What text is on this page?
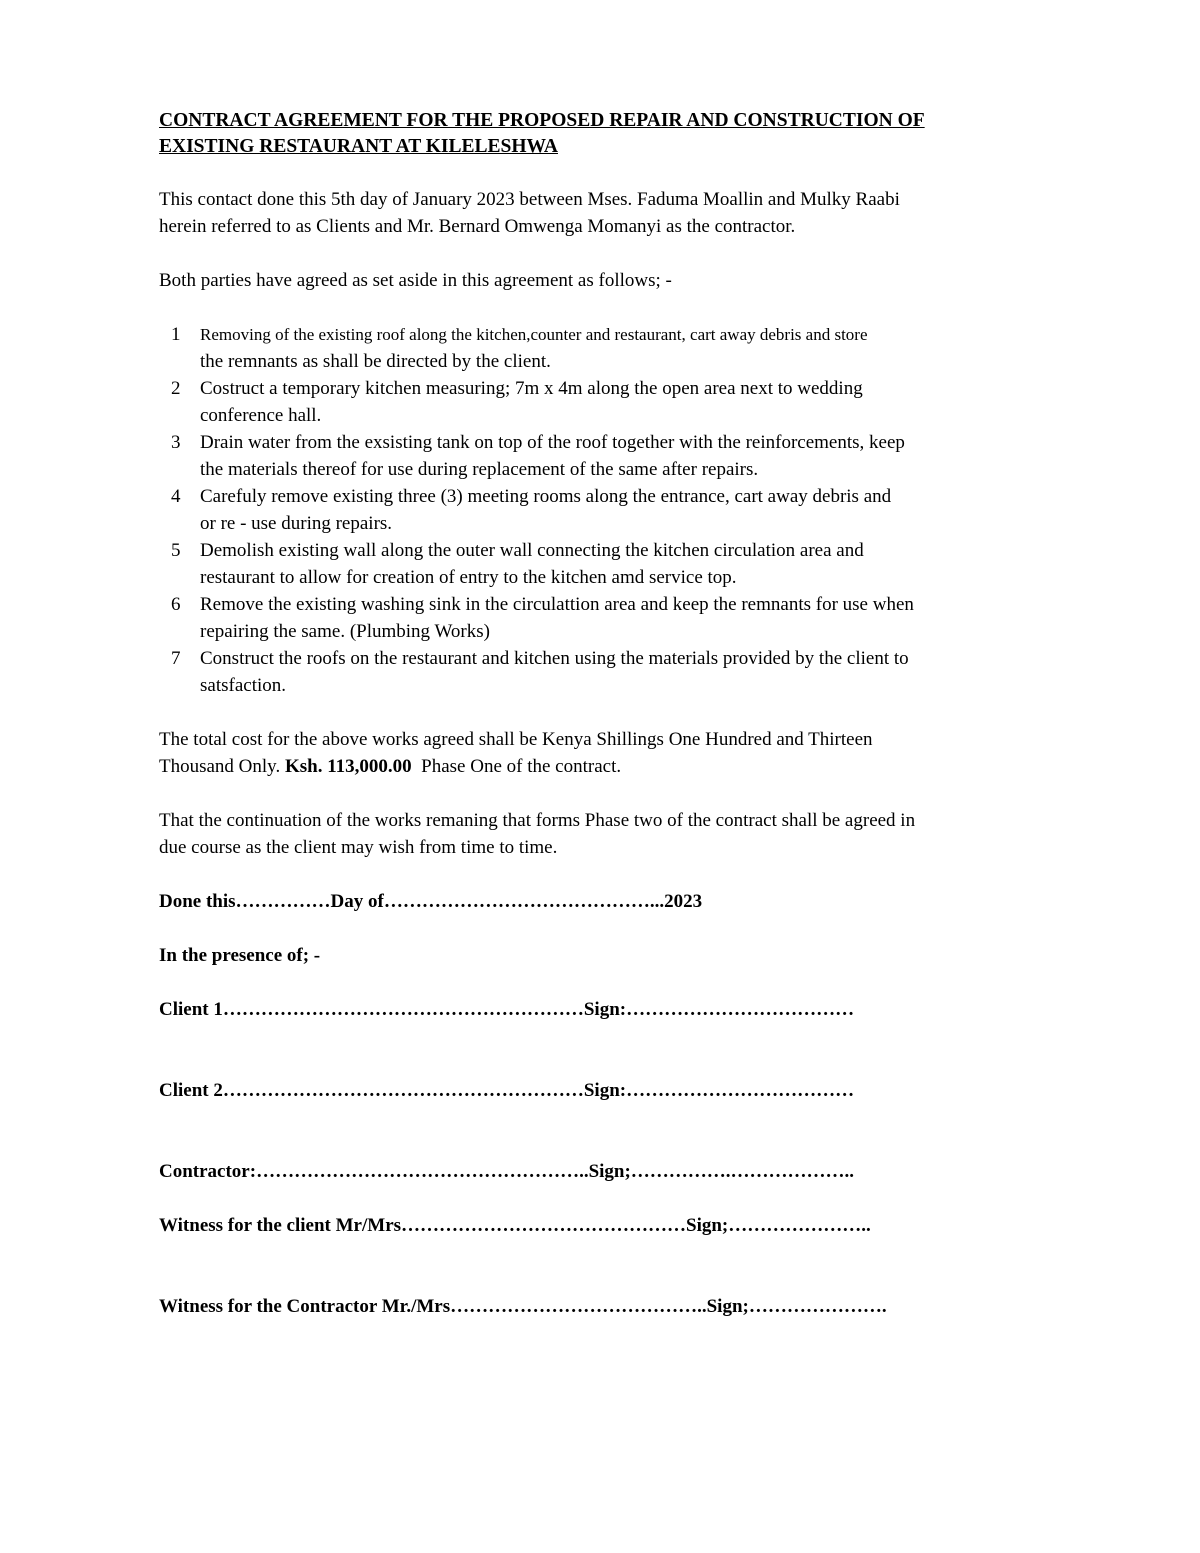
CONTRACT AGREEMENT FOR THE PROPOSED REPAIR AND CONSTRUCTION OF
EXISTING RESTAURANT AT KILELESHWA

This contact done this 5th day of January 2023 between Mses. Faduma Moallin and Mulky Raabi

herein referred to as Clients and Mr. Bernard Omwenga Momanyi as the contractor.

Both parties have agreed as set aside in this agreement as follows; -

1 Removing of the existing roof along the kitchen,counter and restaurant, cart away debris and store
the remnants as shall be directed by the client.
2 Costruct a temporary kitchen measuring; 7m x 4m along the open area next to wedding
conference hall.
3 Drain water from the exsisting tank on top of the roof together with the reinforcements, keep
the materials thereof for use during replacement of the same after repairs.
4 Carefuly remove existing three (3) meeting rooms along the entrance, cart away debris and
or re - use during repairs.
5 Demolish existing wall along the outer wall connecting the kitchen circulation area and
restaurant to allow for creation of entry to the kitchen amd service top.
6 Remove the existing washing sink in the circulattion area and keep the remnants for use when
repairing the same. (Plumbing Works)
7 Construct the roofs on the restaurant and kitchen using the materials provided by the client to
satsfaction.

The total cost for the above works agreed shall be Kenya Shillings One Hundred and Thirteen

Thousand Only. Ksh. 113,000.00  Phase One of the contract.

That the continuation of the works remaning that forms Phase two of the contract shall be agreed in

due course as the client may wish from time to time.

Done this……………Day of……………………………………...2023

In the presence of; -

Client 1…………………………………………………Sign:………………………………

Client 2…………………………………………………Sign:………………………………

Contractor:……………………………………………..Sign;…………….………………..

Witness for the client Mr/Mrs………………………………………Sign;…………………..

Witness for the Contractor Mr./Mrs…………………………………..Sign;………………….
